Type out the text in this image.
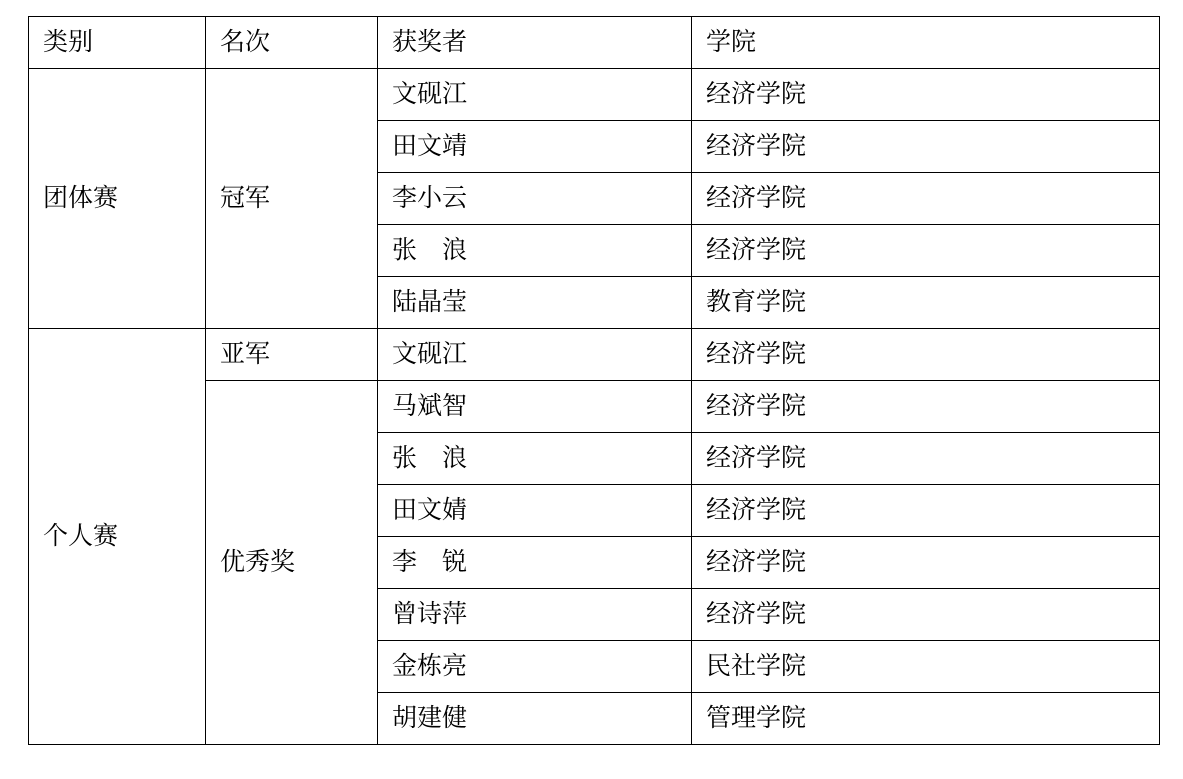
类别	名次	获奖者	学院
团体赛	冠军	文砚江	经济学院
		田文靖	经济学院
		李小云	经济学院
		张　浪	经济学院
		陆晶莹	教育学院
个人赛	亚军	文砚江	经济学院
	优秀奖	马斌智	经济学院
		张　浪	经济学院
		田文婧	经济学院
		李　锐	经济学院
		曾诗萍	经济学院
		金栋亮	民社学院
		胡建健	管理学院
